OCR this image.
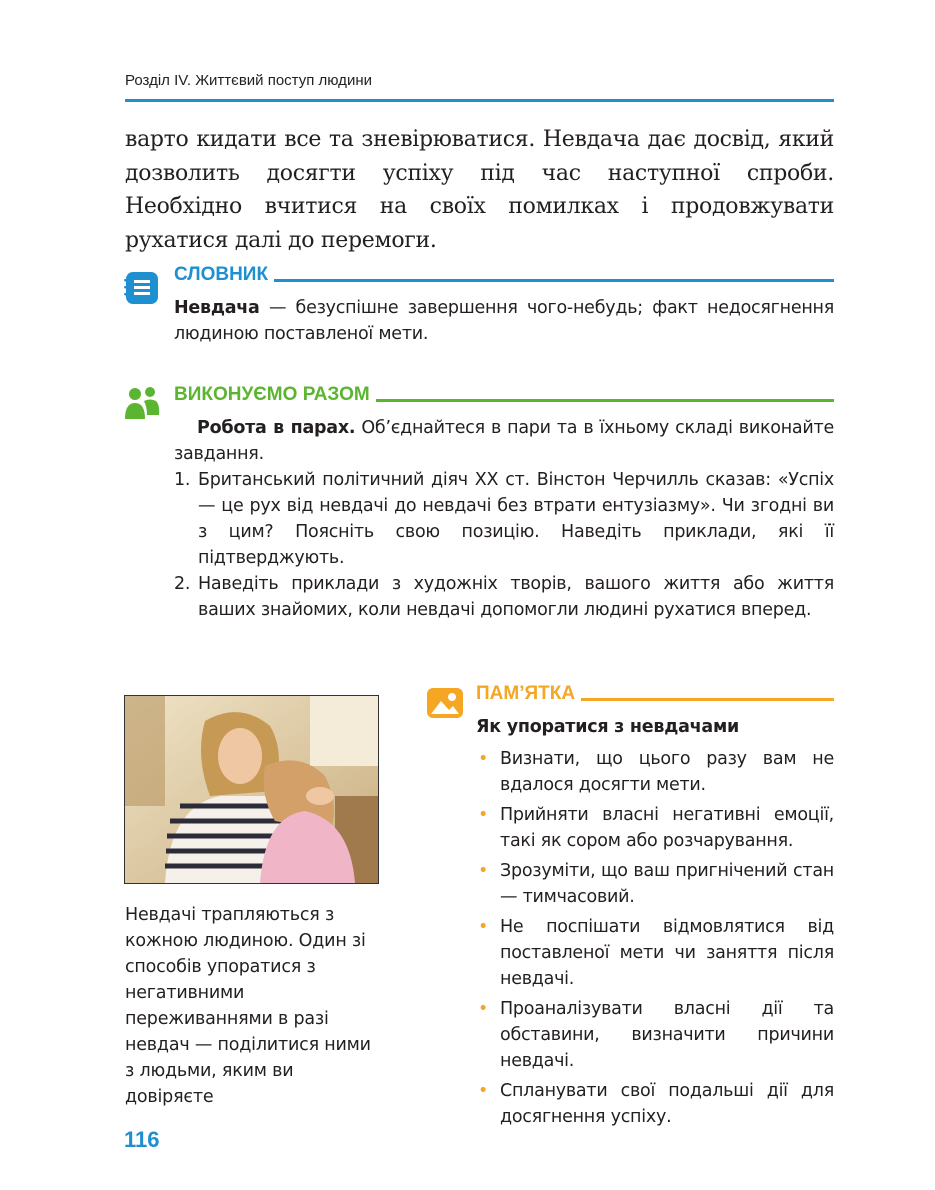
Розділ IV. Життєвий поступ людини
варто кидати все та зневірюватися. Невдача дає досвід, який дозволить досягти успіху під час наступної спроби. Необхідно вчитися на своїх помилках і продовжувати рухатися далі до перемоги.
СЛОВНИК

Невдача — безуспішне завершення чого-небудь; факт недосягнення людиною поставленої мети.

ВИКОНУЄМО РАЗОМ

Робота в парах. Об’єднайтеся в пари та в їхньому складі виконайте завдання.

1. Британський політичний діяч XX ст. Вінстон Черчилль сказав: «Успіх — це рух від невдачі до невдачі без втрати ентузіазму». Чи згодні ви з цим? Поясніть свою позицію. Наведіть приклади, які її підтверджують.
2. Наведіть приклади з художніх творів, вашого життя або життя ваших знайомих, коли невдачі допомогли людині рухатися вперед.
Невдачі трапляються з кожною людиною. Один зі способів упоратися з негативними переживаннями в разі невдач — поділитися ними з людьми, яким ви довіряєте
ПАМ’ЯТКА

Як упоратися з невдачами

• Визнати, що цього разу вам не вдалося досягти мети.
• Прийняти власні негативні емоції, такі як сором або розчарування.
• Зрозуміти, що ваш пригнічений стан — тимчасовий.
• Не поспішати відмовлятися від поставленої мети чи заняття після невдачі.
• Проаналізувати власні дії та обставини, визначити причини невдачі.
• Спланувати свої подальші дії для досягнення успіху.
116
